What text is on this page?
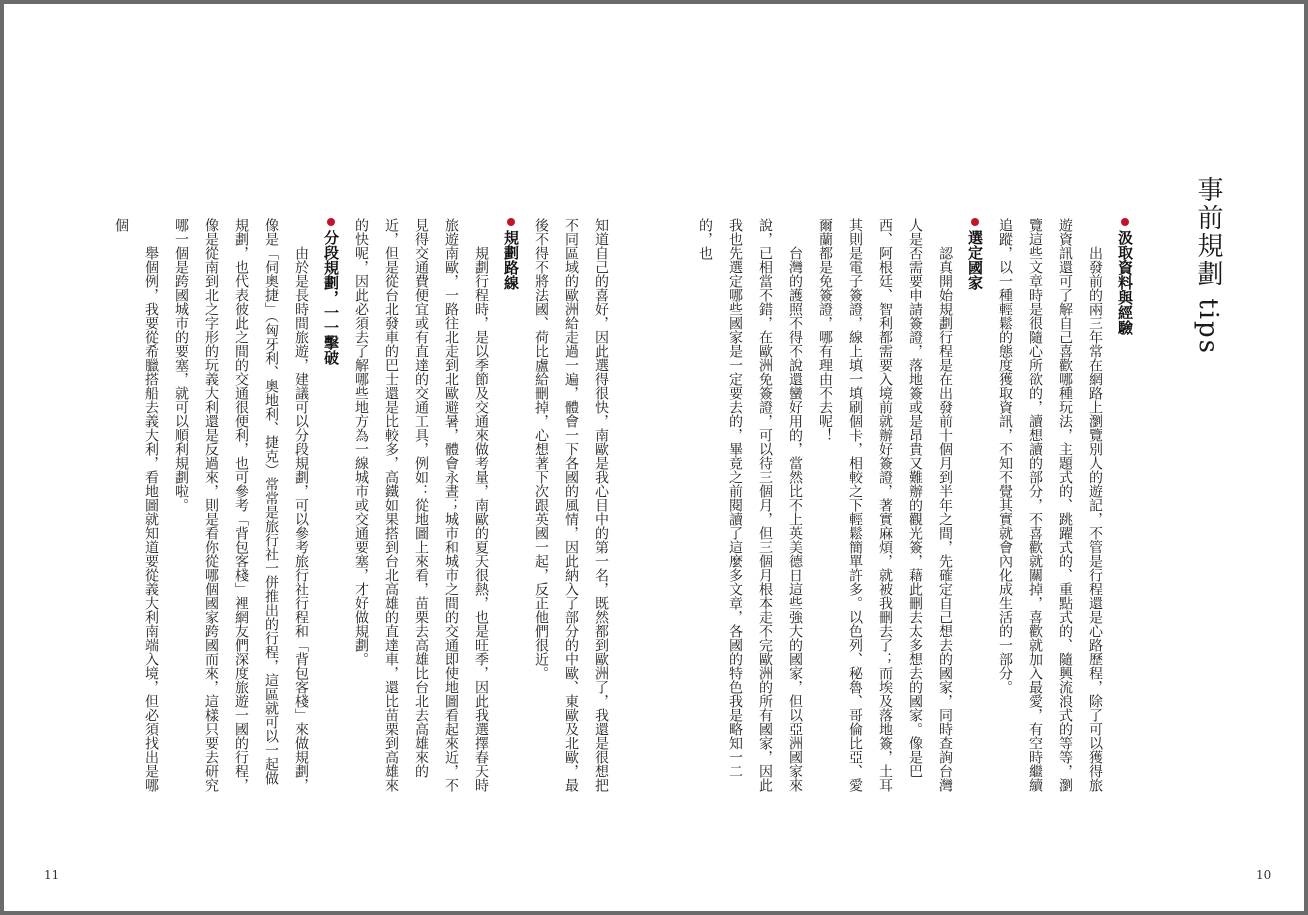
事前規劃 tips
汲取資料與經驗

出發前的兩三年常在網路上瀏覽別人的遊記，不管是行程還是心路歷程，除了可以獲得旅遊資訊還可了解自己喜歡哪種玩法，主題式的、跳躍式的、重點式的、隨興流浪式的等等，瀏覽這些文章時是很隨心所欲的，讀想讀的部分，不喜歡就關掉，喜歡就加入最愛，有空時繼續追蹤，以一種輕鬆的態度獲取資訊，不知不覺其實就會內化成生活的一部分。

選定國家

認真開始規劃行程是在出發前十個月到半年之間，先確定自己想去的國家，同時查詢台灣人是否需要申請簽證，落地簽或是昂貴又難辦的觀光簽，藉此刪去太多想去的國家。像是巴西、阿根廷、智利都需要入境前就辦好簽證，著實麻煩，就被我刪去了；而埃及落地簽，土耳其則是電子簽證，線上填一填刷個卡，相較之下輕鬆簡單許多。以色列、秘魯、哥倫比亞、愛爾蘭都是免簽證，哪有理由不去呢！

台灣的護照不得不說還蠻好用的，當然比不上英美德日這些強大的國家，但以亞洲國家來說，已相當不錯，在歐洲免簽證，可以待三個月，但三個月根本走不完歐洲的所有國家，因此我也先選定哪些國家是一定要去的，畢竟之前閱讀了這麼多文章，各國的特色我是略知一二的，也

知道自己的喜好，因此選得很快，南歐是我心目中的第一名，既然都到歐洲了，我還是很想把不同區域的歐洲給走過一遍，體會一下各國的風情，因此納入了部分的中歐、東歐及北歐，最後不得不將法國、荷比盧給刪掉，心想著下次跟英國一起，反正他們很近。

規劃路線

規劃行程時，是以季節及交通來做考量，南歐的夏天很熱，也是旺季，因此我選擇春天時旅遊南歐，一路往北走到北歐避暑，體會永晝；城市和城市之間的交通即使地圖看起來近，不見得交通費便宜或有直達的交通工具，例如：從地圖上來看，苗栗去高雄比台北去高雄來的近，但是從台北發車的巴士還是比較多，高鐵如果搭到台北高雄的直達車，還比苗栗到高雄來的快呢，因此必須去了解哪些地方為一線城市或交通要塞，才好做規劃。

分段規劃，一一擊破

由於是長時間旅遊，建議可以分段規劃，可以參考旅行社行程和「背包客棧」來做規劃，像是「伺奧捷」（匈牙利、奧地利、捷克）常常是旅行社一併推出的行程，這區就可以一起做規劃，也代表彼此之間的交通很便利，也可參考「背包客棧」裡網友們深度旅遊一國的行程，像是從南到北之字形的玩義大利還是反過來，則是看你從哪個國家跨國而來，這樣只要去研究哪一個是跨國城市的要塞，就可以順利規劃啦。

舉個例，我要從希臘搭船去義大利，看地圖就知道要從義大利南端入境，但必須找出是哪個

11	10
